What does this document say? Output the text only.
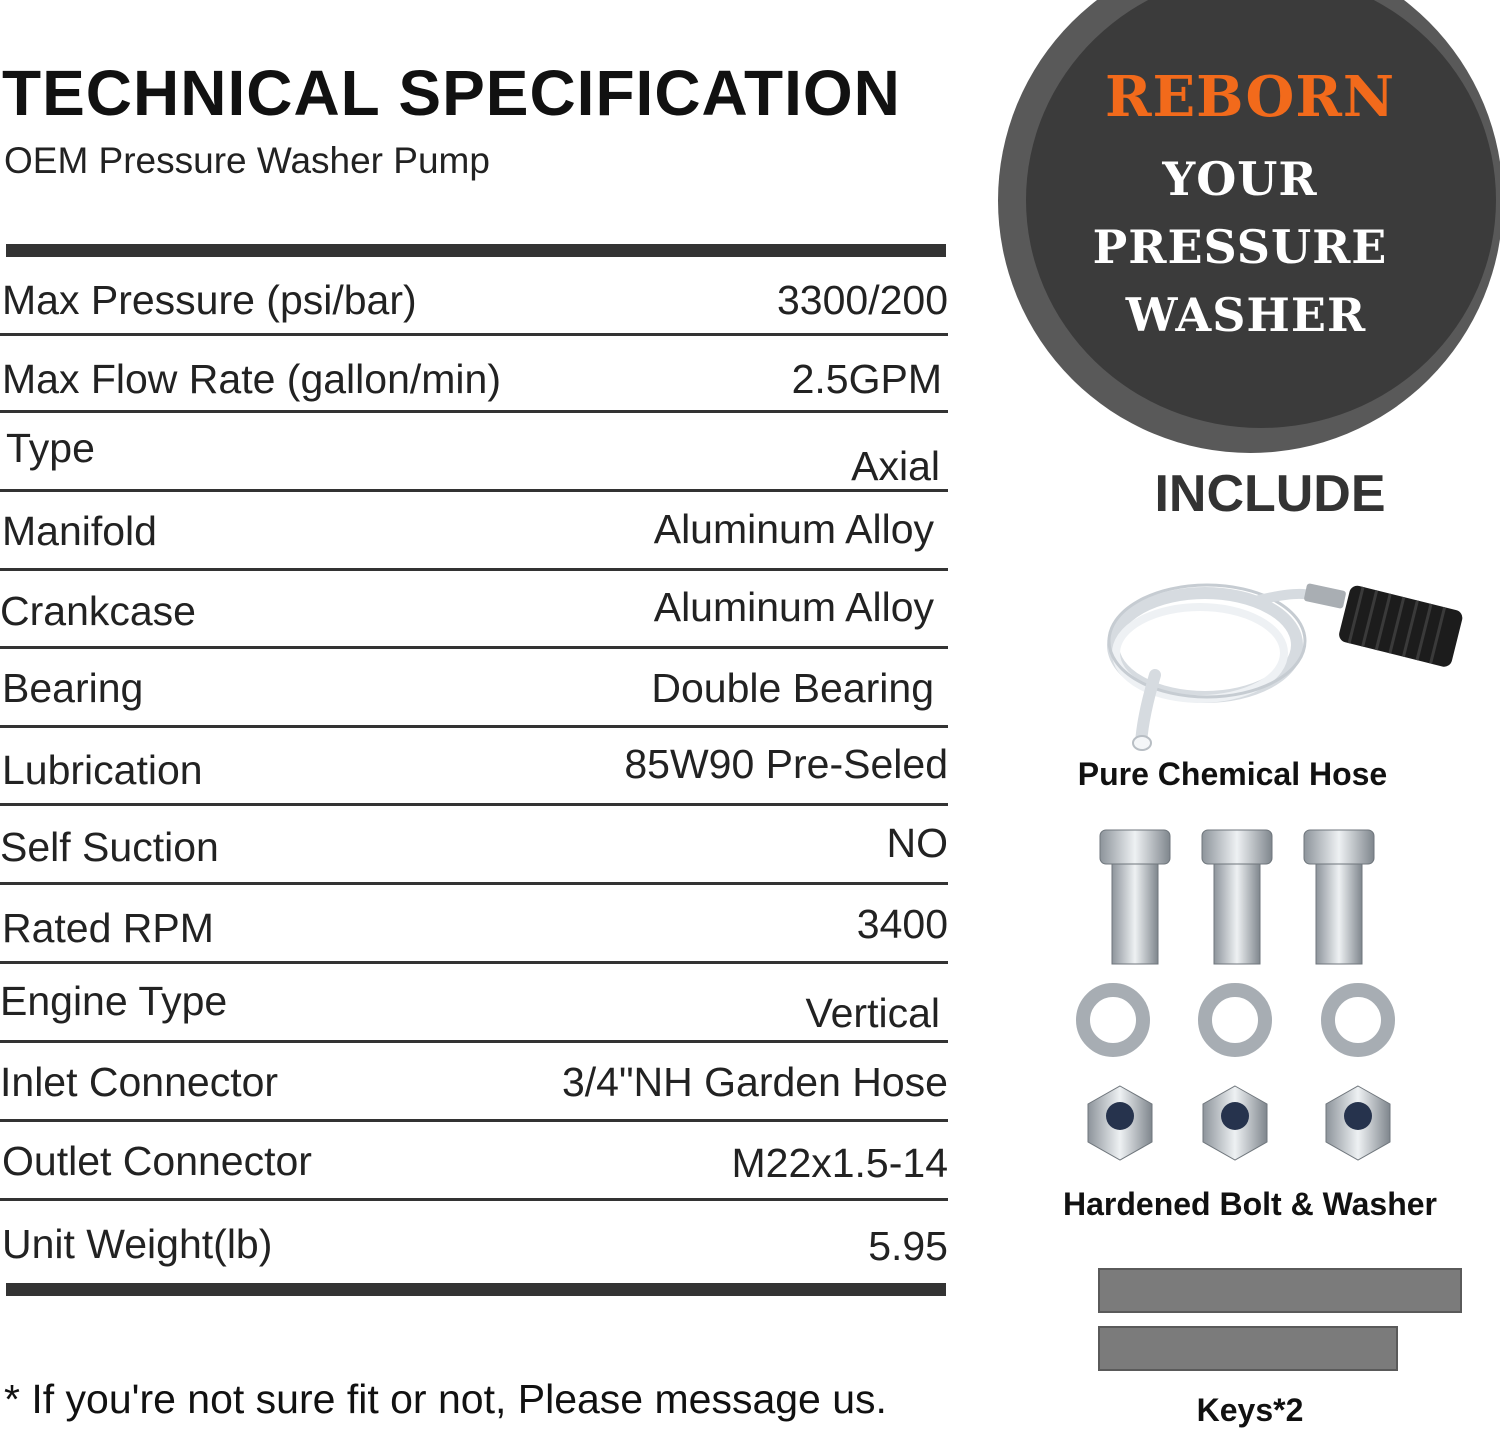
TECHNICAL SPECIFICATION
OEM Pressure Washer Pump
Max Pressure (psi/bar)	3300/200
Max Flow Rate (gallon/min)	2.5GPM
Type	Axial
Manifold	Aluminum Alloy
Crankcase	Aluminum Alloy
Bearing	Double Bearing
Lubrication	85W90 Pre-Seled
Self Suction	NO
Rated RPM	3400
Engine Type	Vertical
Inlet Connector	3/4"NH Garden Hose
Outlet Connector	M22x1.5-14
Unit Weight(lb)	5.95
* If you're not sure fit or not, Please message us.
REBORN
YOUR
PRESSURE
WASHER
INCLUDE
Pure Chemical Hose
Hardened Bolt & Washer
Keys*2
